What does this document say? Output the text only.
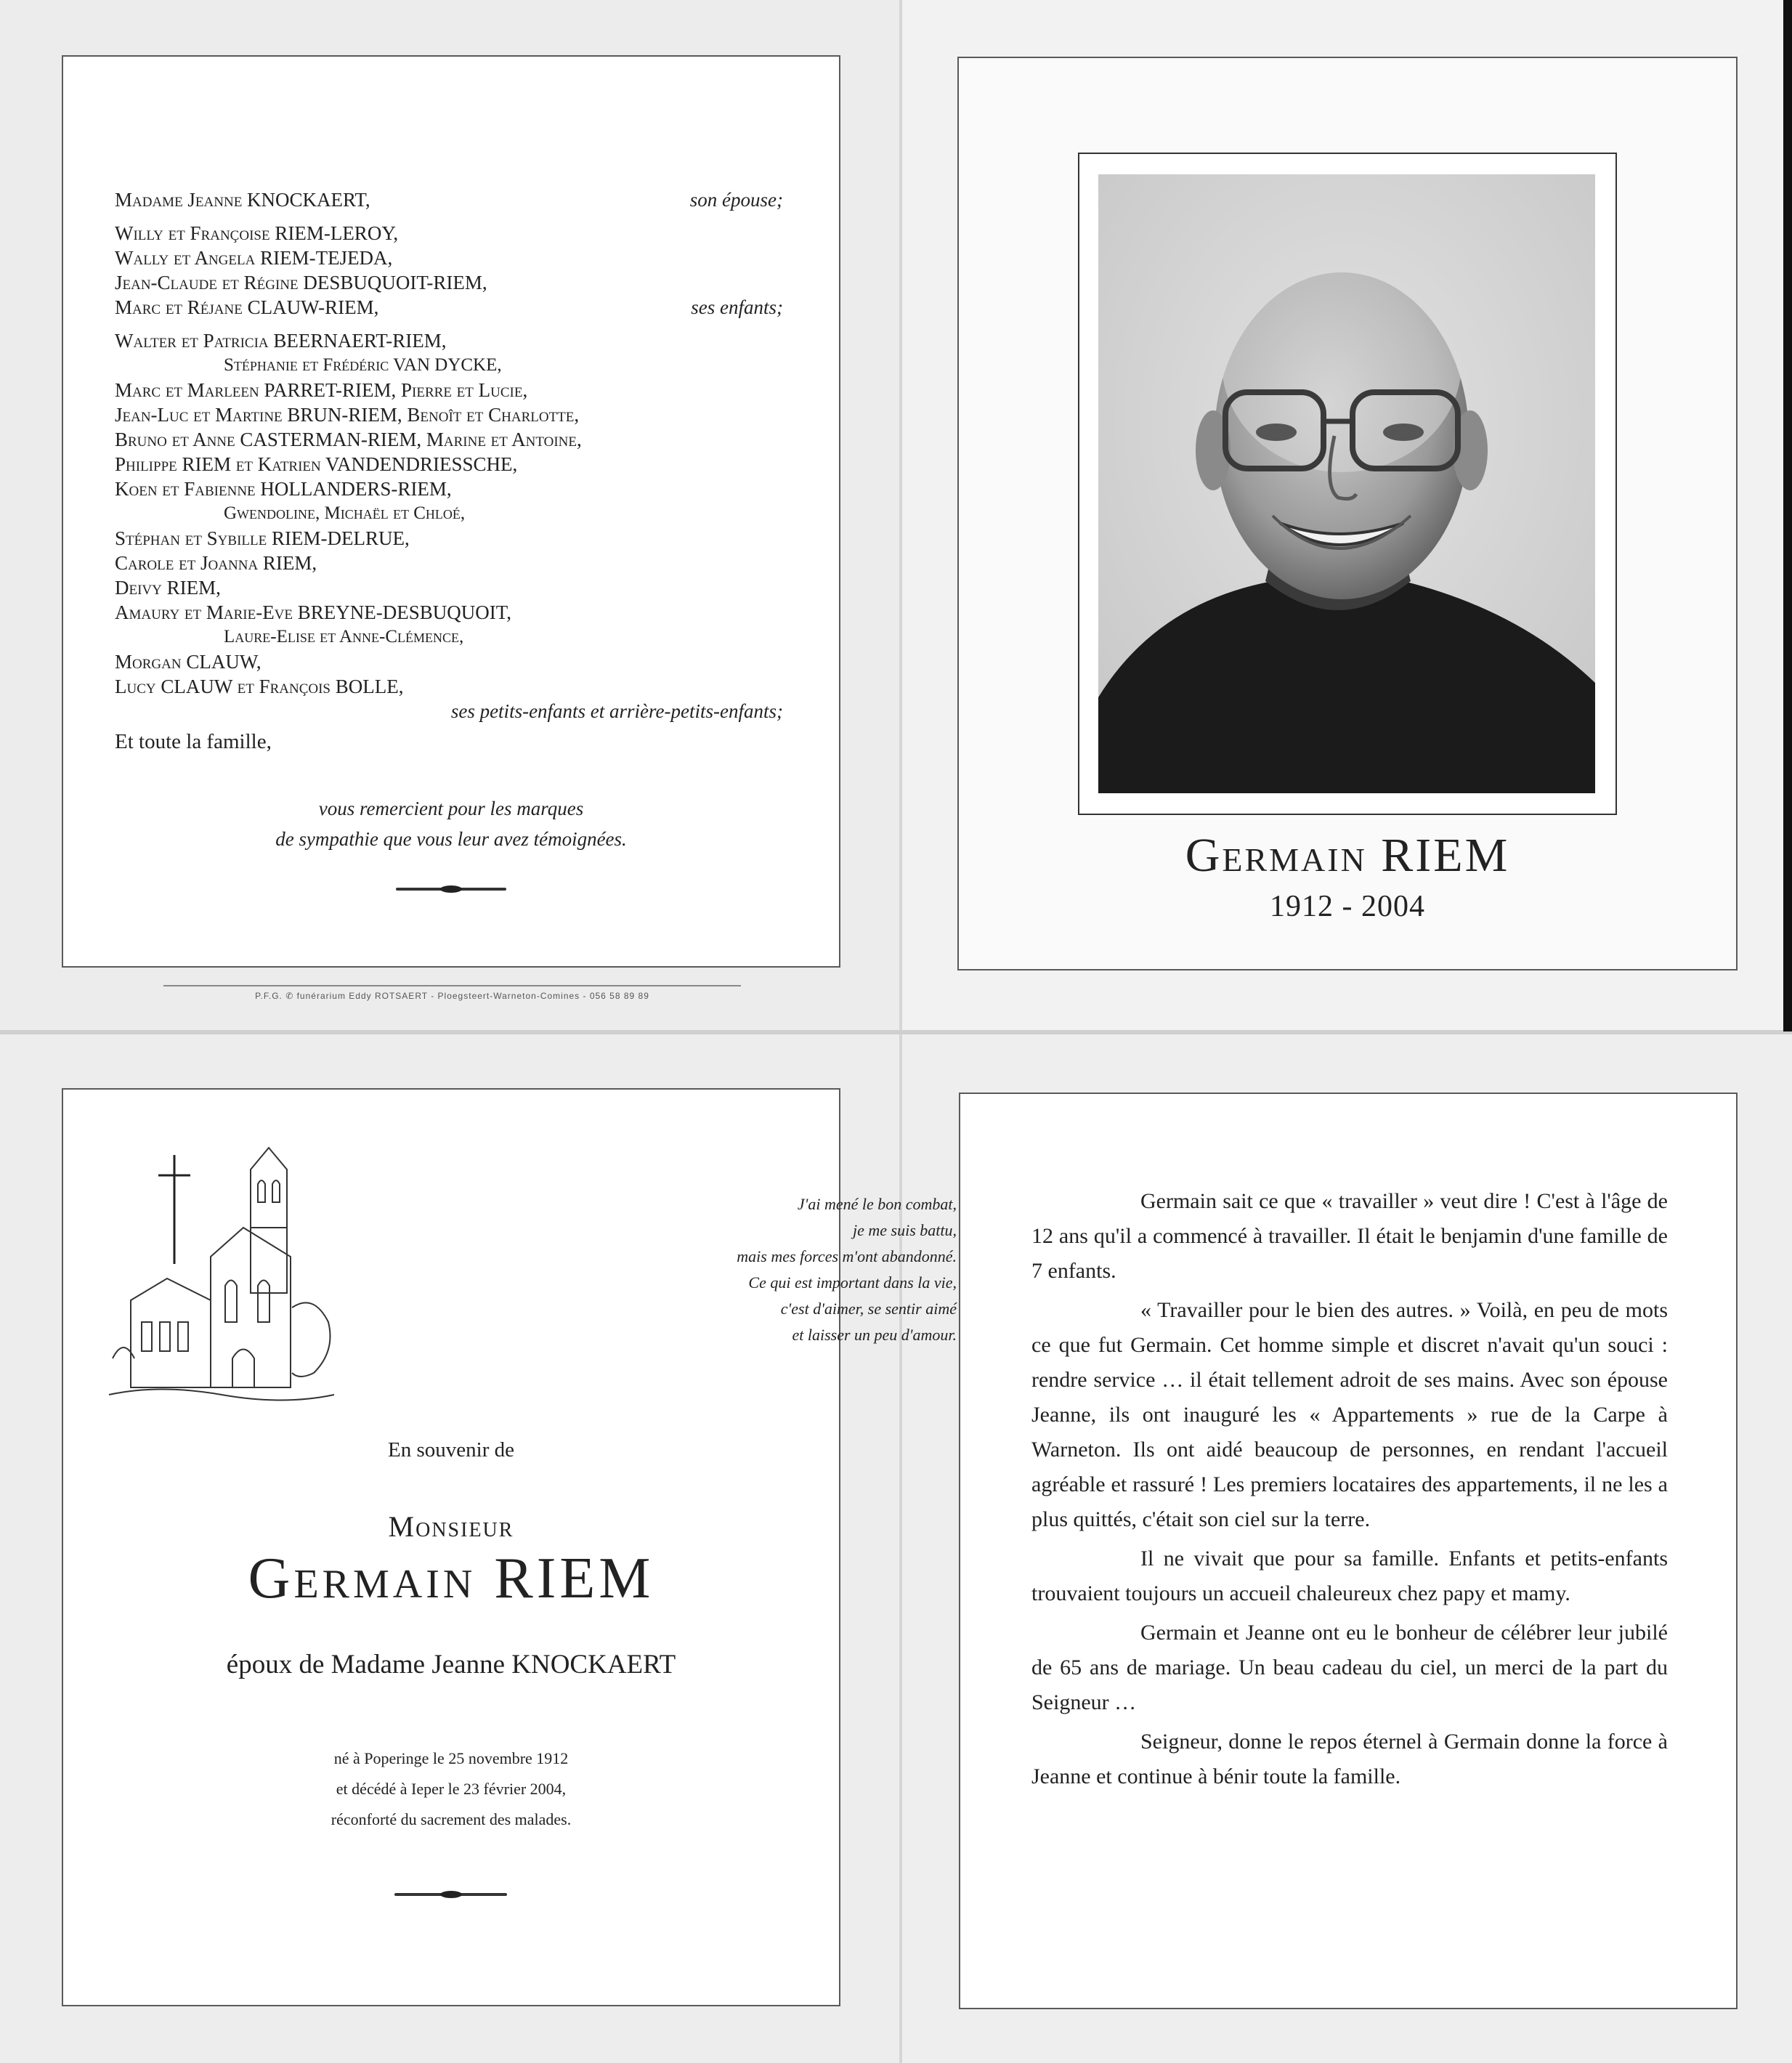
Madame Jeanne KNOCKAERT,	son épouse;
Willy et Françoise RIEM-LEROY,
Wally et Angela RIEM-TEJEDA,
Jean-Claude et Régine DESBUQUOIT-RIEM,
Marc et Réjane CLAUW-RIEM,	ses enfants;
Walter et Patricia BEERNAERT-RIEM,
Stéphanie et Frédéric VAN DYCKE,
Marc et Marleen PARRET-RIEM, Pierre et Lucie,
Jean-Luc et Martine BRUN-RIEM, Benoît et Charlotte,
Bruno et Anne CASTERMAN-RIEM, Marine et Antoine,
Philippe RIEM et Katrien VANDENDRIESSCHE,
Koen et Fabienne HOLLANDERS-RIEM,
Gwendoline, Michaël et Chloé,
Stéphan et Sybille RIEM-DELRUE,
Carole et Joanna RIEM,
Deivy RIEM,
Amaury et Marie-Eve BREYNE-DESBUQUOIT,
Laure-Elise et Anne-Clémence,
Morgan CLAUW,
Lucy CLAUW et François BOLLE,
ses petits-enfants et arrière-petits-enfants;
Et toute la famille,
vous remercient pour les marques
de sympathie que vous leur avez témoignées.
P.F.G. ✆ funérarium Eddy ROTSAERT - Ploegsteert-Warneton-Comines - 056 58 89 89
Germain RIEM
1912 - 2004
J'ai mené le bon combat,
je me suis battu,
mais mes forces m'ont abandonné.
Ce qui est important dans la vie,
c'est d'aimer, se sentir aimé
et laisser un peu d'amour.
En souvenir de
Monsieur
Germain RIEM
époux de Madame Jeanne KNOCKAERT
né à Poperinge le 25 novembre 1912
et décédé à Ieper le 23 février 2004,
réconforté du sacrement des malades.

Germain sait ce que « travailler » veut dire ! C'est à l'âge de 12 ans qu'il a commencé à travailler. Il était le benjamin d'une famille de 7 enfants.

« Travailler pour le bien des autres. » Voilà, en peu de mots ce que fut Germain. Cet homme simple et discret n'avait qu'un souci : rendre service … il était tellement adroit de ses mains. Avec son épouse Jeanne, ils ont inauguré les « Appartements » rue de la Carpe à Warneton. Ils ont aidé beaucoup de personnes, en rendant l'accueil agréable et rassuré ! Les premiers locataires des appartements, il ne les a plus quittés, c'était son ciel sur la terre.

Il ne vivait que pour sa famille. Enfants et petits-enfants trouvaient toujours un accueil chaleureux chez papy et mamy.

Germain et Jeanne ont eu le bonheur de célébrer leur jubilé de 65 ans de mariage. Un beau cadeau du ciel, un merci de la part du Seigneur …

Seigneur, donne le repos éternel à Germain donne la force à Jeanne et continue à bénir toute la famille.
